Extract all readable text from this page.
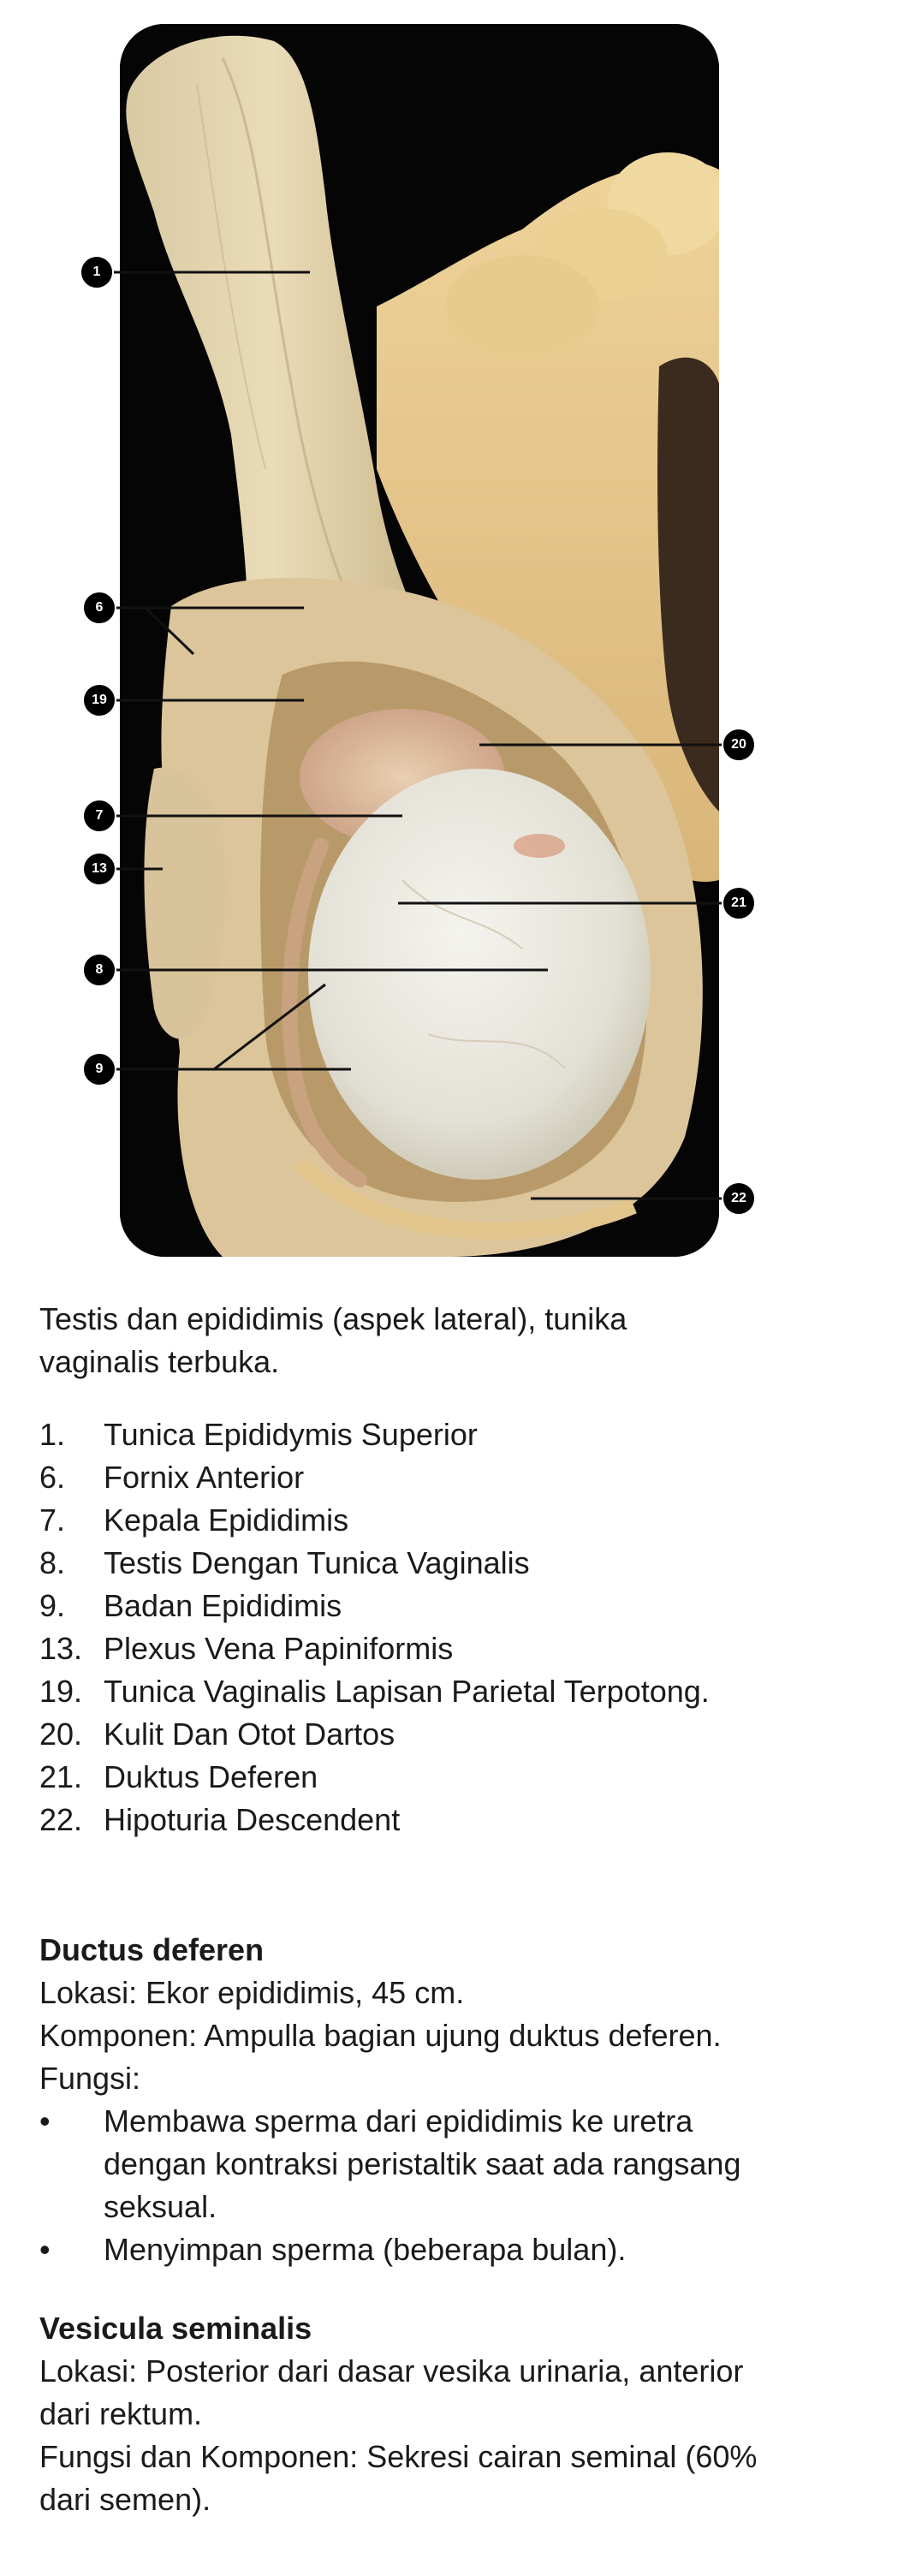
1
6
19
7
13
8
9
20
21
22
Testis dan epididimis (aspek lateral), tunika
vaginalis terbuka.
1.	Tunica Epididymis Superior
6.	Fornix Anterior
7.	Kepala Epididimis
8.	Testis Dengan Tunica Vaginalis
9.	Badan Epididimis
13. Plexus Vena Papiniformis
19. Tunica Vaginalis Lapisan Parietal Terpotong.
20. Kulit Dan Otot Dartos
21. Duktus Deferen
22. Hipoturia Descendent
Ductus deferen

Lokasi: Ekor epididimis, 45 cm.

Komponen: Ampulla bagian ujung duktus deferen.

Fungsi:

•	Membawa sperma dari epididimis ke uretra
dengan kontraksi peristaltik saat ada rangsang
seksual.
•	Menyimpan sperma (beberapa bulan).
Vesicula seminalis

Lokasi: Posterior dari dasar vesika urinaria, anterior

dari rektum.

Fungsi dan Komponen: Sekresi cairan seminal (60%

dari semen).
